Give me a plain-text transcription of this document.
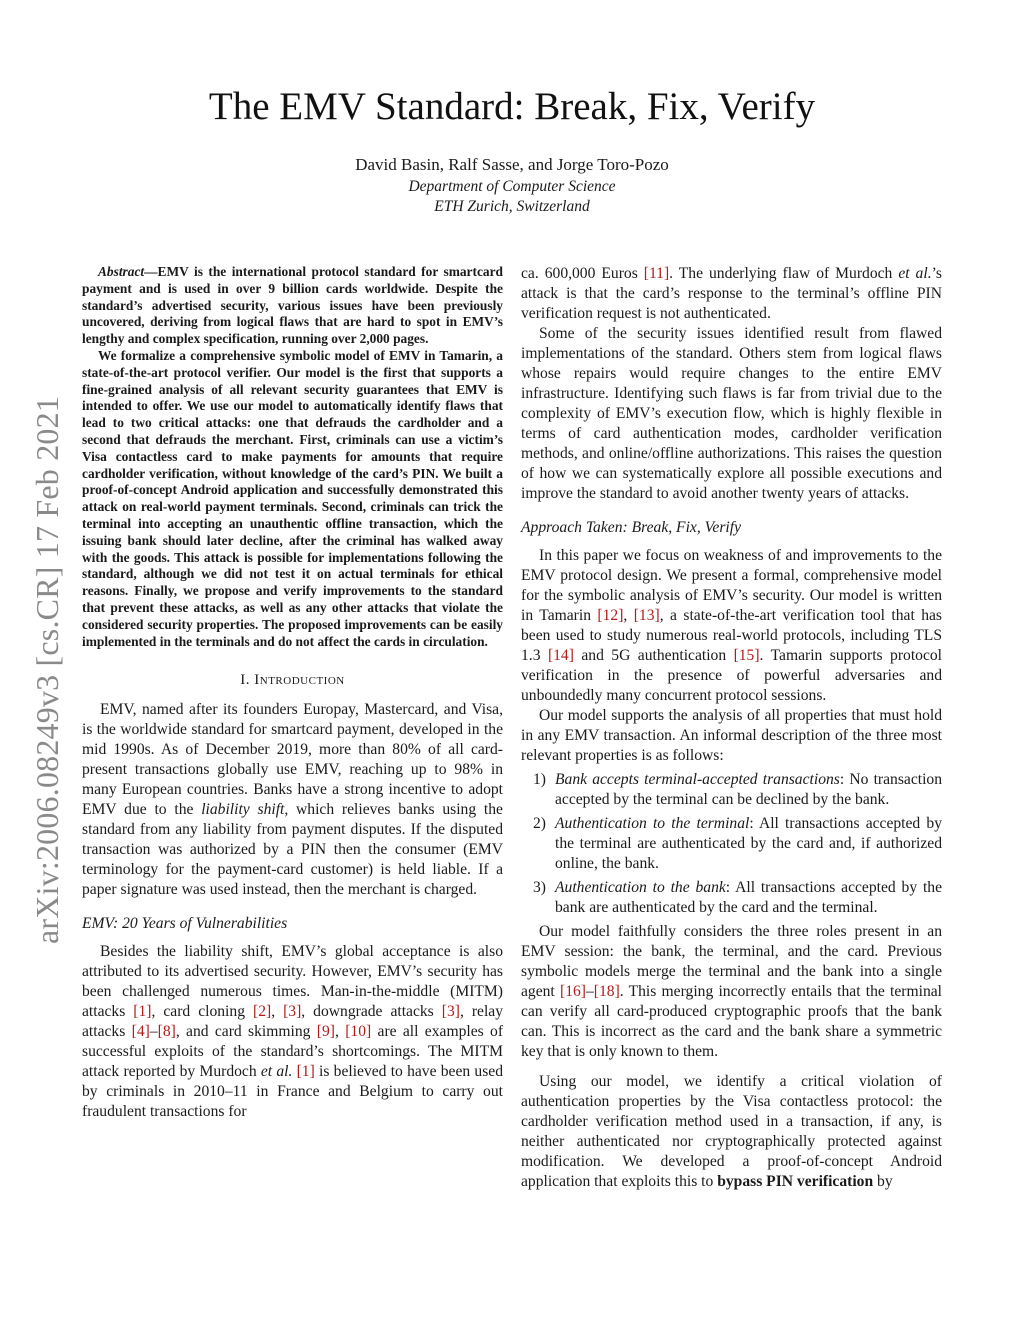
arXiv:2006.08249v3 [cs.CR] 17 Feb 2021
The EMV Standard: Break, Fix, Verify
David Basin, Ralf Sasse, and Jorge Toro-Pozo
Department of Computer Science
ETH Zurich, Switzerland

Abstract—EMV is the international protocol standard for smartcard payment and is used in over 9 billion cards worldwide. Despite the standard’s advertised security, various issues have been previously uncovered, deriving from logical flaws that are hard to spot in EMV’s lengthy and complex specification, running over 2,000 pages.

We formalize a comprehensive symbolic model of EMV in Tamarin, a state-of-the-art protocol verifier. Our model is the first that supports a fine-grained analysis of all relevant security guarantees that EMV is intended to offer. We use our model to automatically identify flaws that lead to two critical attacks: one that defrauds the cardholder and a second that defrauds the merchant. First, criminals can use a victim’s Visa contactless card to make payments for amounts that require cardholder verification, without knowledge of the card’s PIN. We built a proof-of-concept Android application and successfully demonstrated this attack on real-world payment terminals. Second, criminals can trick the terminal into accepting an unauthentic offline transaction, which the issuing bank should later decline, after the criminal has walked away with the goods. This attack is possible for implementations following the standard, although we did not test it on actual terminals for ethical reasons. Finally, we propose and verify improvements to the standard that prevent these attacks, as well as any other attacks that violate the considered security properties. The proposed improvements can be easily implemented in the terminals and do not affect the cards in circulation.

I. Introduction

EMV, named after its founders Europay, Mastercard, and Visa, is the worldwide standard for smartcard payment, developed in the mid 1990s. As of December 2019, more than 80% of all card-present transactions globally use EMV, reaching up to 98% in many European countries. Banks have a strong incentive to adopt EMV due to the liability shift, which relieves banks using the standard from any liability from payment disputes. If the disputed transaction was authorized by a PIN then the consumer (EMV terminology for the payment-card customer) is held liable. If a paper signature was used instead, then the merchant is charged.

EMV: 20 Years of Vulnerabilities

Besides the liability shift, EMV’s global acceptance is also attributed to its advertised security. However, EMV’s security has been challenged numerous times. Man-in-the-middle (MITM) attacks [1], card cloning [2], [3], downgrade attacks [3], relay attacks [4]–[8], and card skimming [9], [10] are all examples of successful exploits of the standard’s shortcomings. The MITM attack reported by Murdoch et al. [1] is believed to have been used by criminals in 2010–11 in France and Belgium to carry out fraudulent transactions for

ca. 600,000 Euros [11]. The underlying flaw of Murdoch et al.’s attack is that the card’s response to the terminal’s offline PIN verification request is not authenticated.

Some of the security issues identified result from flawed implementations of the standard. Others stem from logical flaws whose repairs would require changes to the entire EMV infrastructure. Identifying such flaws is far from trivial due to the complexity of EMV’s execution flow, which is highly flexible in terms of card authentication modes, cardholder verification methods, and online/offline authorizations. This raises the question of how we can systematically explore all possible executions and improve the standard to avoid another twenty years of attacks.

Approach Taken: Break, Fix, Verify

In this paper we focus on weakness of and improvements to the EMV protocol design. We present a formal, comprehensive model for the symbolic analysis of EMV’s security. Our model is written in Tamarin [12], [13], a state-of-the-art verification tool that has been used to study numerous real-world protocols, including TLS 1.3 [14] and 5G authentication [15]. Tamarin supports protocol verification in the presence of powerful adversaries and unboundedly many concurrent protocol sessions.

Our model supports the analysis of all properties that must hold in any EMV transaction. An informal description of the three most relevant properties is as follows:

1) Bank accepts terminal-accepted transactions: No transaction accepted by the terminal can be declined by the bank.
2) Authentication to the terminal: All transactions accepted by the terminal are authenticated by the card and, if authorized online, the bank.
3) Authentication to the bank: All transactions accepted by the bank are authenticated by the card and the terminal.

Our model faithfully considers the three roles present in an EMV session: the bank, the terminal, and the card. Previous symbolic models merge the terminal and the bank into a single agent [16]–[18]. This merging incorrectly entails that the terminal can verify all card-produced cryptographic proofs that the bank can. This is incorrect as the card and the bank share a symmetric key that is only known to them.

Using our model, we identify a critical violation of authentication properties by the Visa contactless protocol: the cardholder verification method used in a transaction, if any, is neither authenticated nor cryptographically protected against modification. We developed a proof-of-concept Android application that exploits this to bypass PIN verification by
